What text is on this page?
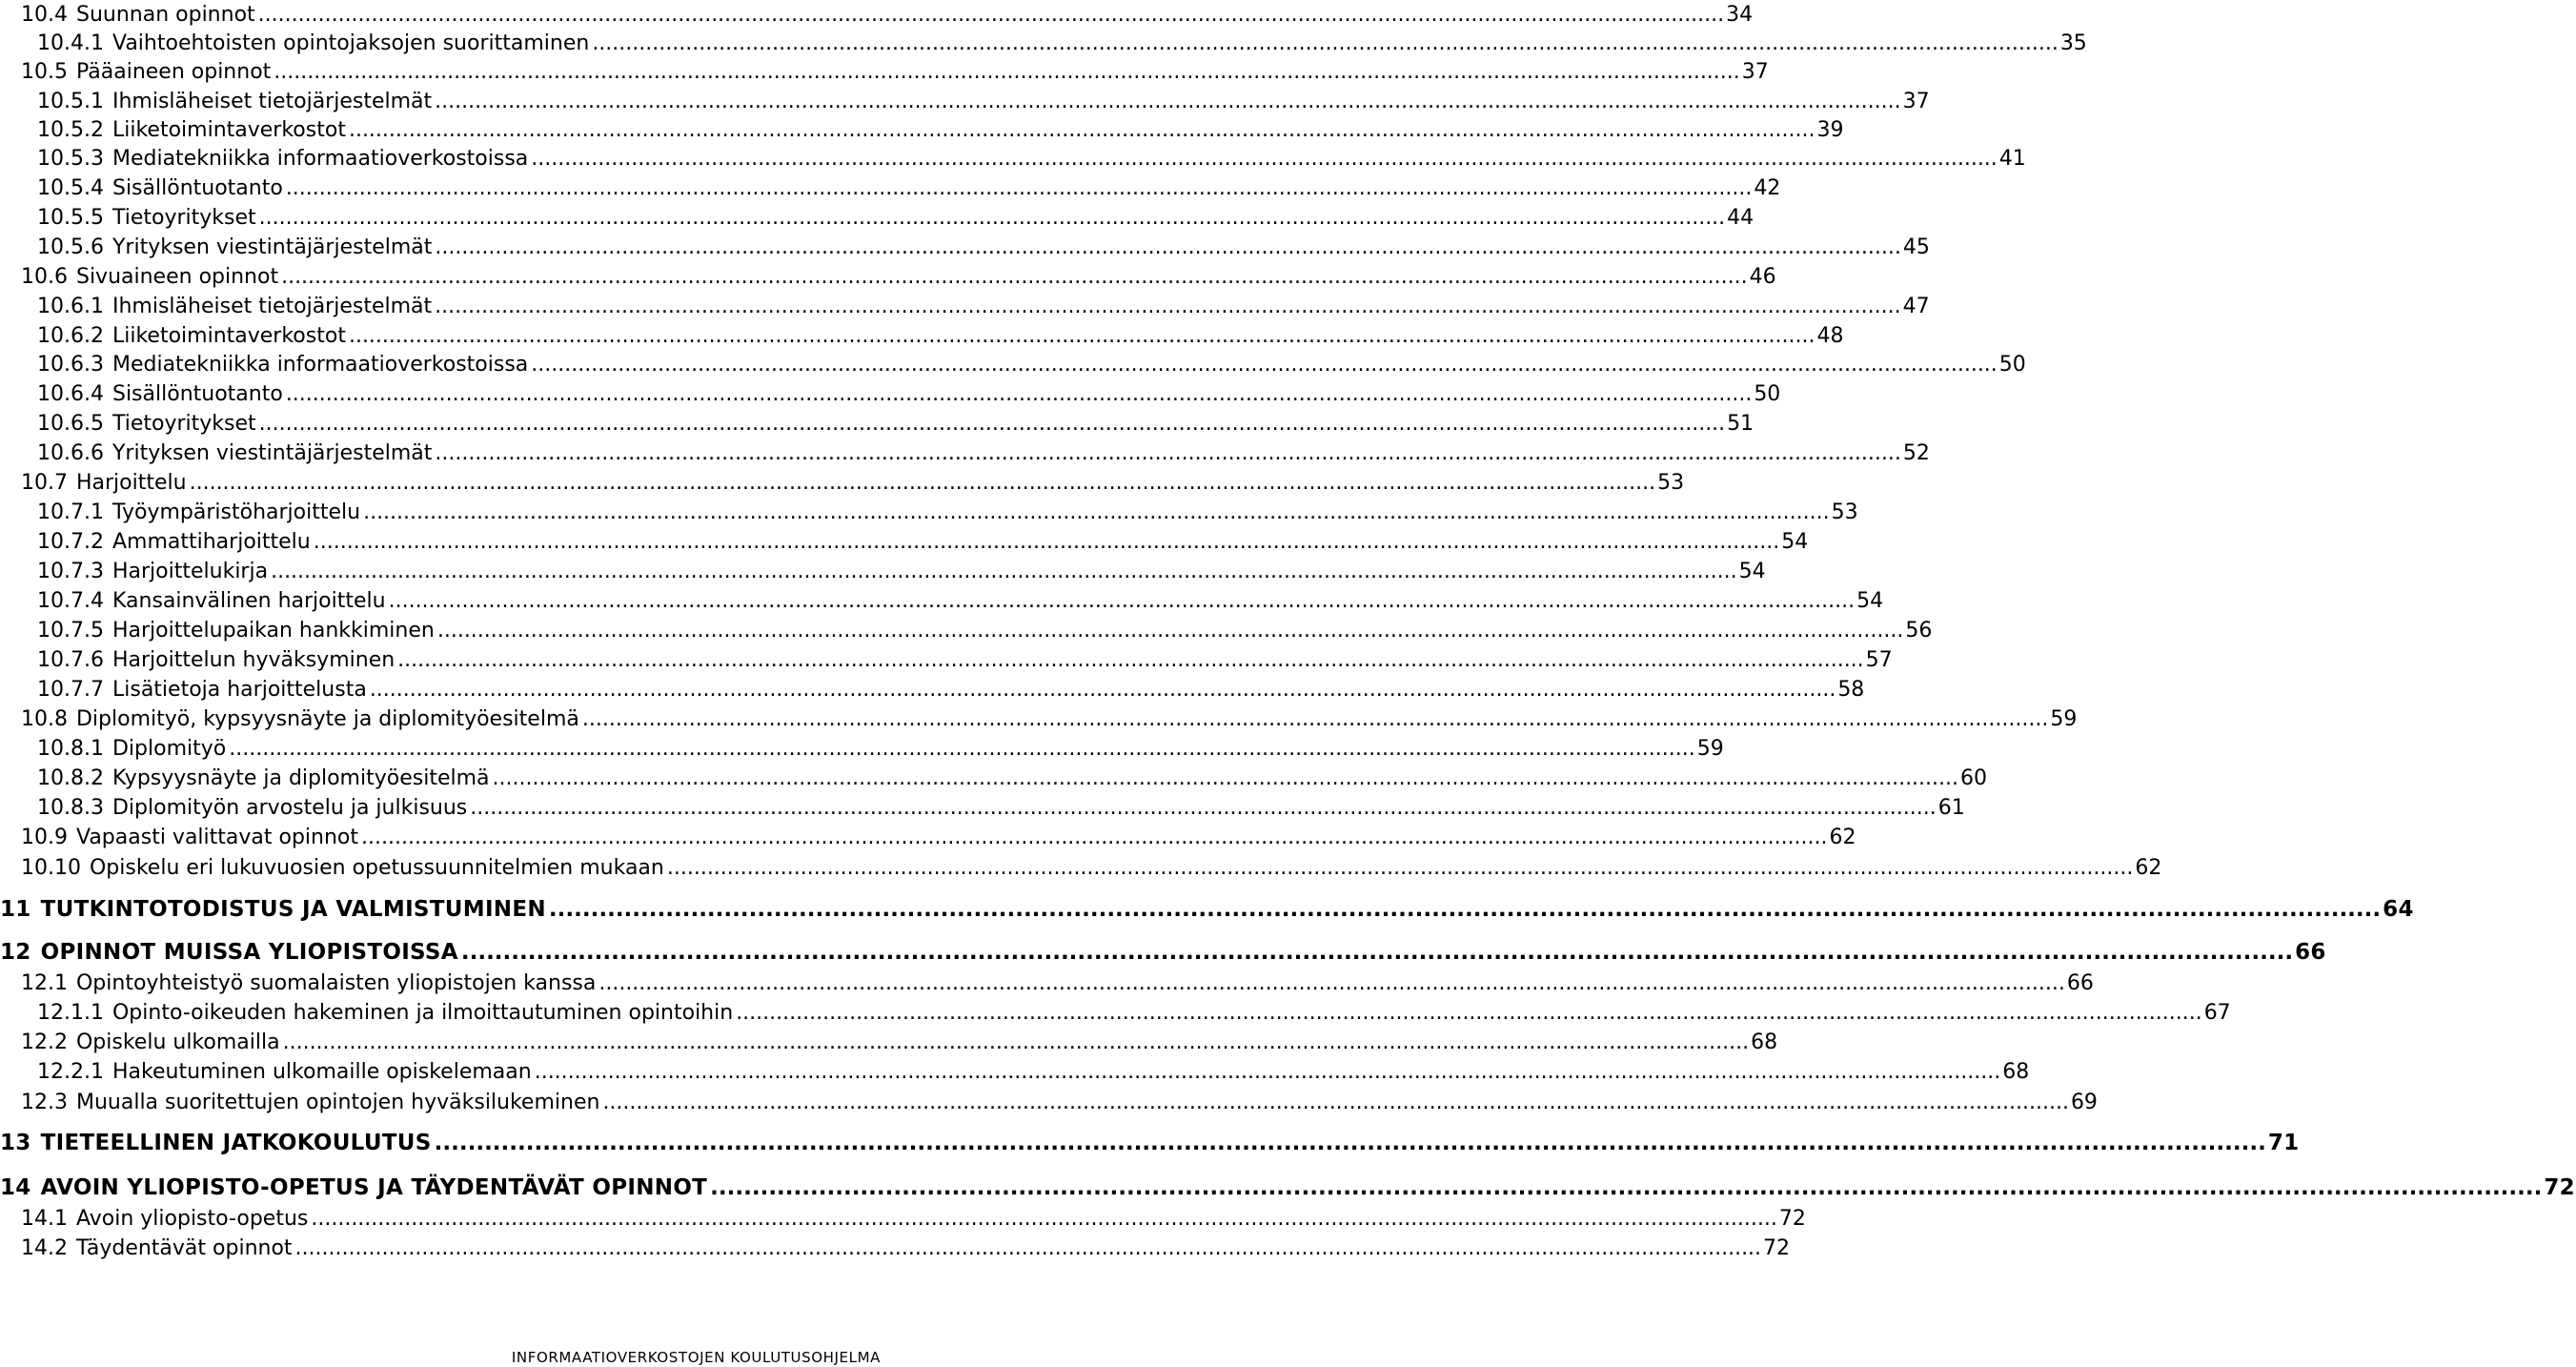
10.4 Suunnan opinnot ............................................................................................................................................................................................................................ 34
10.4.1 Vaihtoehtoisten opintojaksojen suorittaminen ............................................................................................................................................................................................................................ 35
10.5 Pääaineen opinnot ............................................................................................................................................................................................................................ 37
10.5.1 Ihmisläheiset tietojärjestelmät ............................................................................................................................................................................................................................ 37
10.5.2 Liiketoimintaverkostot ............................................................................................................................................................................................................................ 39
10.5.3 Mediatekniikka informaatioverkostoissa ............................................................................................................................................................................................................................ 41
10.5.4 Sisällöntuotanto ............................................................................................................................................................................................................................ 42
10.5.5 Tietoyritykset ............................................................................................................................................................................................................................ 44
10.5.6 Yrityksen viestintäjärjestelmät ............................................................................................................................................................................................................................ 45
10.6 Sivuaineen opinnot ............................................................................................................................................................................................................................ 46
10.6.1 Ihmisläheiset tietojärjestelmät ............................................................................................................................................................................................................................ 47
10.6.2 Liiketoimintaverkostot ............................................................................................................................................................................................................................ 48
10.6.3 Mediatekniikka informaatioverkostoissa ............................................................................................................................................................................................................................ 50
10.6.4 Sisällöntuotanto ............................................................................................................................................................................................................................ 50
10.6.5 Tietoyritykset ............................................................................................................................................................................................................................ 51
10.6.6 Yrityksen viestintäjärjestelmät ............................................................................................................................................................................................................................ 52
10.7 Harjoittelu ............................................................................................................................................................................................................................ 53
10.7.1 Työympäristöharjoittelu ............................................................................................................................................................................................................................ 53
10.7.2 Ammattiharjoittelu ............................................................................................................................................................................................................................ 54
10.7.3 Harjoittelukirja ............................................................................................................................................................................................................................ 54
10.7.4 Kansainvälinen harjoittelu ............................................................................................................................................................................................................................ 54
10.7.5 Harjoittelupaikan hankkiminen ............................................................................................................................................................................................................................ 56
10.7.6 Harjoittelun hyväksyminen ............................................................................................................................................................................................................................ 57
10.7.7 Lisätietoja harjoittelusta ............................................................................................................................................................................................................................ 58
10.8 Diplomityö, kypsyysnäyte ja diplomityöesitelmä ............................................................................................................................................................................................................................ 59
10.8.1 Diplomityö ............................................................................................................................................................................................................................ 59
10.8.2 Kypsyysnäyte ja diplomityöesitelmä ............................................................................................................................................................................................................................ 60
10.8.3 Diplomityön arvostelu ja julkisuus ............................................................................................................................................................................................................................ 61
10.9 Vapaasti valittavat opinnot ............................................................................................................................................................................................................................ 62
10.10 Opiskelu eri lukuvuosien opetussuunnitelmien mukaan ............................................................................................................................................................................................................................ 62
11 TUTKINTOTODISTUS JA VALMISTUMINEN ............................................................................................................................................................................................................................ 64
12 OPINNOT MUISSA YLIOPISTOISSA ............................................................................................................................................................................................................................ 66
12.1 Opintoyhteistyö suomalaisten yliopistojen kanssa ............................................................................................................................................................................................................................ 66
12.1.1 Opinto-oikeuden hakeminen ja ilmoittautuminen opintoihin ............................................................................................................................................................................................................................ 67
12.2 Opiskelu ulkomailla ............................................................................................................................................................................................................................ 68
12.2.1 Hakeutuminen ulkomaille opiskelemaan ............................................................................................................................................................................................................................ 68
12.3 Muualla suoritettujen opintojen hyväksilukeminen ............................................................................................................................................................................................................................ 69
13 TIETEELLINEN JATKOKOULUTUS ............................................................................................................................................................................................................................ 71
14 AVOIN YLIOPISTO-OPETUS JA TÄYDENTÄVÄT OPINNOT ............................................................................................................................................................................................................................ 72
14.1 Avoin yliopisto-opetus ............................................................................................................................................................................................................................ 72
14.2 Täydentävät opinnot ............................................................................................................................................................................................................................ 72
INFORMAATIOVERKOSTOJEN KOULUTUSOHJELMA
